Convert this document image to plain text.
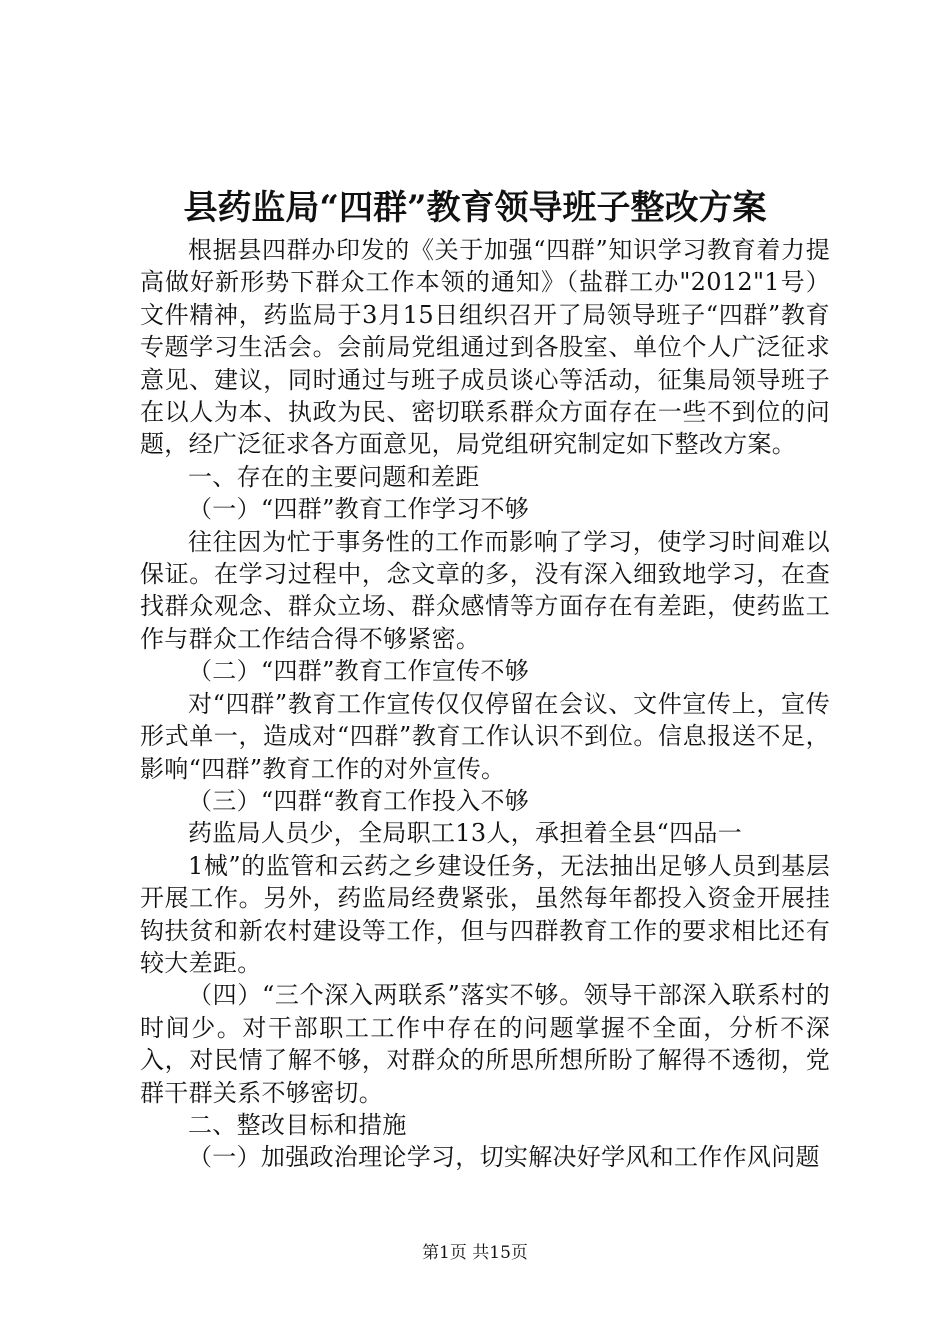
县药监局“四群”教育领导班子整改方案

根据县四群办印发的《关于加强“四群”知识学习教育着力提高做好新形势下群众工作本领的通知》（盐群工办"2012"1号）文件精神，药监局于3月15日组织召开了局领导班子“四群”教育专题学习生活会。会前局党组通过到各股室、单位个人广泛征求意见、建议，同时通过与班子成员谈心等活动，征集局领导班子在以人为本、执政为民、密切联系群众方面存在一些不到位的问题，经广泛征求各方面意见，局党组研究制定如下整改方案。

一、存在的主要问题和差距

（一）“四群”教育工作学习不够

往往因为忙于事务性的工作而影响了学习，使学习时间难以保证。在学习过程中，念文章的多，没有深入细致地学习，在查找群众观念、群众立场、群众感情等方面存在有差距，使药监工作与群众工作结合得不够紧密。

（二）“四群”教育工作宣传不够

对“四群”教育工作宣传仅仅停留在会议、文件宣传上，宣传形式单一，造成对“四群”教育工作认识不到位。信息报送不足，影响“四群”教育工作的对外宣传。

（三）“四群“教育工作投入不够

药监局人员少，全局职工13人，承担着全县“四品一

1械”的监管和云药之乡建设任务，无法抽出足够人员到基层开展工作。另外，药监局经费紧张，虽然每年都投入资金开展挂钩扶贫和新农村建设等工作，但与四群教育工作的要求相比还有较大差距。

（四）“三个深入两联系”落实不够。领导干部深入联系村的时间少。对干部职工工作中存在的问题掌握不全面，分析不深入，对民情了解不够，对群众的所思所想所盼了解得不透彻，党群干群关系不够密切。

二、整改目标和措施

（一）加强政治理论学习，切实解决好学风和工作作风问题

第1页 共15页
